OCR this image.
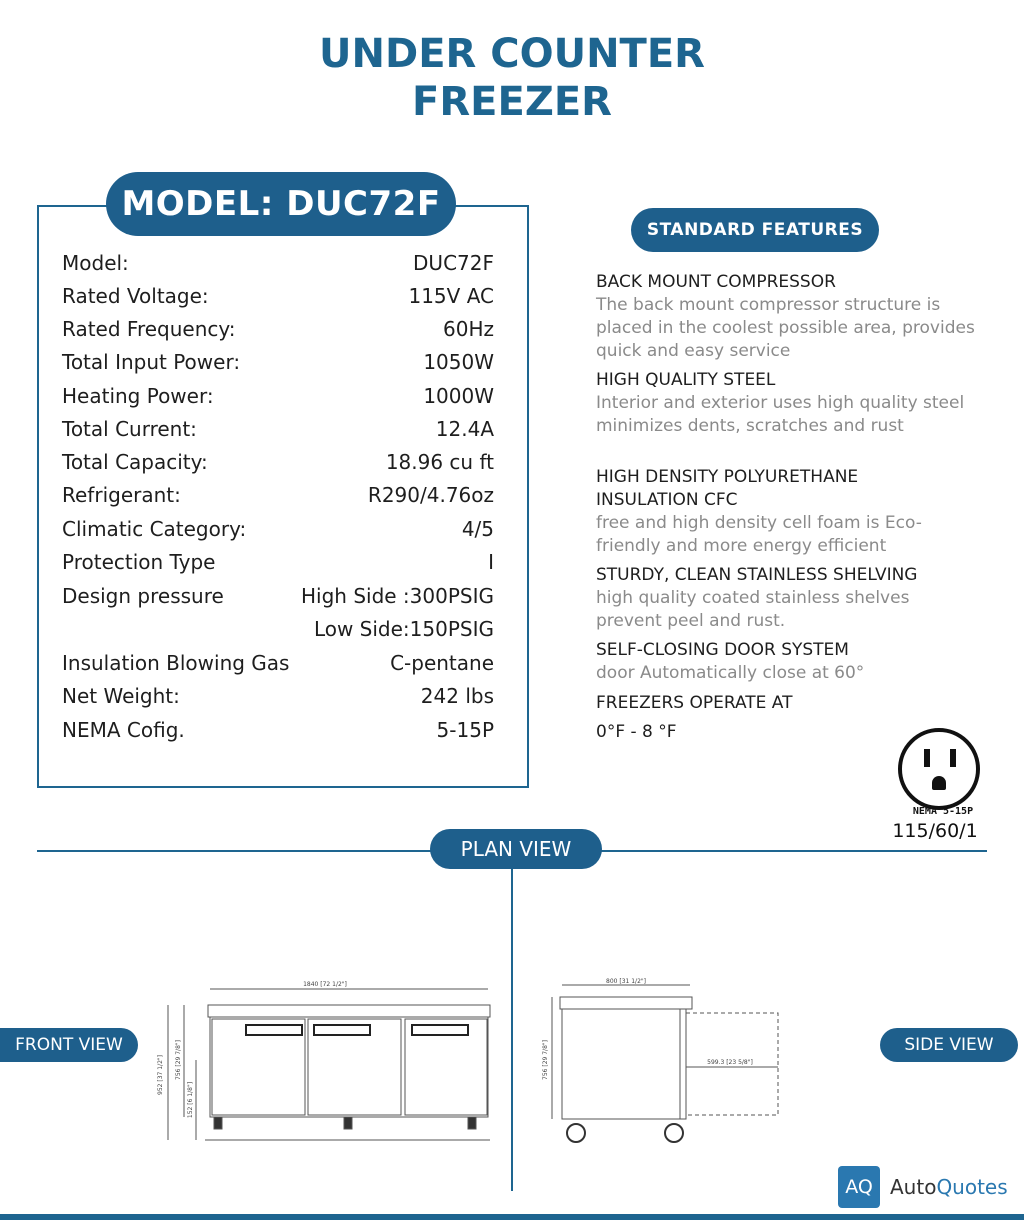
UNDER COUNTER
FREEZER
MODEL: DUC72F
Model:	DUC72F
Rated Voltage:	115V AC
Rated Frequency:	60Hz
Total Input Power:	1050W
Heating Power:	1000W
Total Current:	12.4A
Total Capacity:	18.96 cu ft
Refrigerant:	R290/4.76oz
Climatic Category:	4/5
Protection Type	I
Design pressure	High Side :300PSIG
Low Side:150PSIG
Insulation Blowing Gas	C-pentane
Net Weight:	242 lbs
NEMA Cofig.	5-15P
STANDARD FEATURES
BACK MOUNT COMPRESSOR
The back mount compressor structure is placed in the coolest possible area, provides quick and easy service
HIGH QUALITY STEEL
Interior and exterior uses high quality steel minimizes dents, scratches and rust
HIGH DENSITY POLYURETHANE INSULATION CFC
free and high density cell foam is Eco-friendly and more energy efficient
STURDY, CLEAN STAINLESS SHELVING
high quality coated stainless shelves prevent peel and rust.
SELF-CLOSING DOOR SYSTEM
door Automatically close at 60°
FREEZERS OPERATE AT
0°F - 8 °F
NEMA 5-15P
115/60/1
PLAN VIEW
FRONT VIEW	SIDE VIEW
1840 [72 1/2"]
952 [37 1/2"] 756 [29 7/8"]
152 [6 1/8"]
800 [31 1/2"]
756 [29 7/8"]	599.3 [23 5/8"]
AQ AutoQuotes
